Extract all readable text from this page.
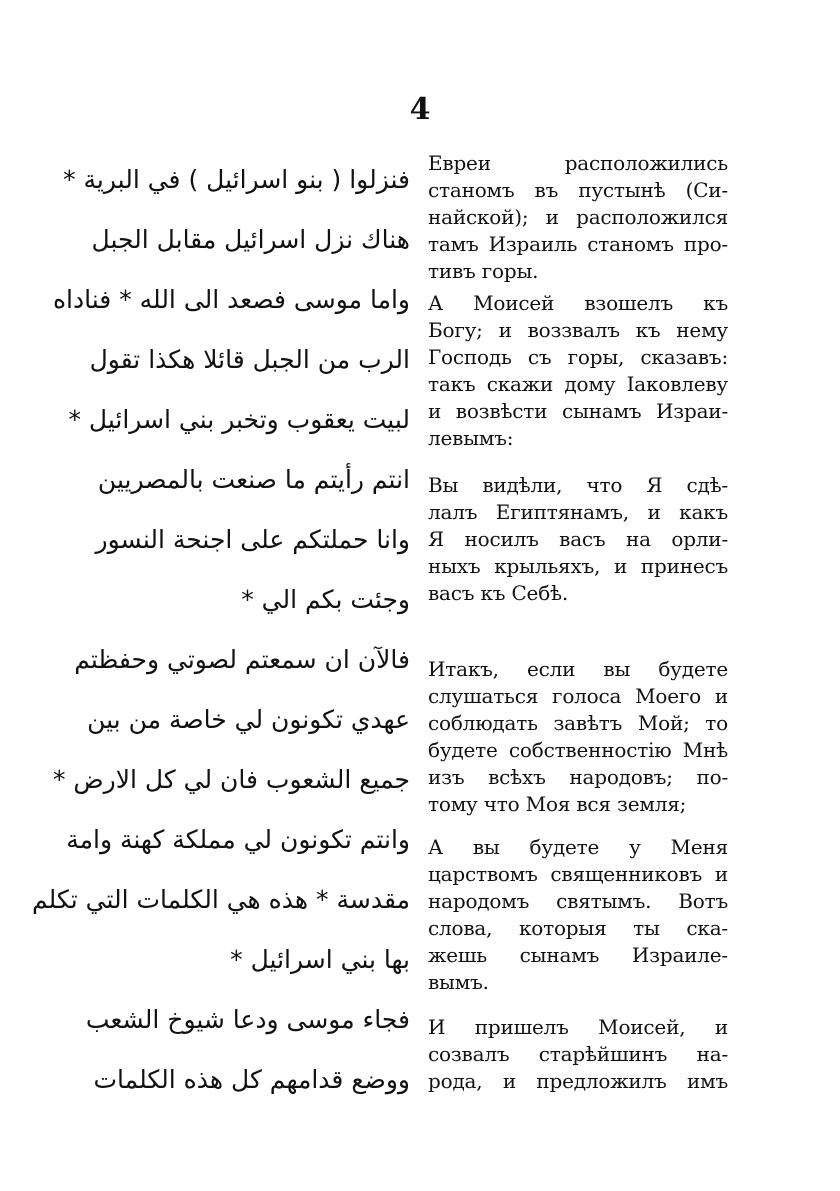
4
فنزلوا ( بنو اسرائيل ) في البرية *
هناك نزل اسرائيل مقابل الجبل
واما موسى فصعد الى الله * فناداه
الرب من الجبل قائلا هكذا تقول
لبيت يعقوب وتخبر بني اسرائيل *
انتم رأيتم ما صنعت بالمصريين
وانا حملتكم على اجنحة النسور
وجئت بكم الي *
فالآن ان سمعتم لصوتي وحفظتم
عهدي تكونون لي خاصة من بين
جميع الشعوب فان لي كل الارض *
وانتم تكونون لي مملكة كهنة وامة
مقدسة * هذه هي الكلمات التي تكلم
بها بني اسرائيل *
فجاء موسى ودعا شيوخ الشعب
ووضع قدامهم كل هذه الكلمات
Евреи расположились
станомъ въ пустынѣ (Си-
найской); и расположился
тамъ Израиль станомъ про-
тивъ горы.
А Моисей взошелъ къ
Богу; и воззвалъ къ нему
Господь съ горы, сказавъ:
такъ скажи дому Іаковлеву
и возвѣсти сынамъ Израи-
левымъ:
Вы видѣли, что Я сдѣ-
лалъ Египтянамъ, и какъ
Я носилъ васъ на орли-
ныхъ крыльяхъ, и принесъ
васъ къ Себѣ.
Итакъ, если вы будете
слушаться голоса Моего и
соблюдать завѣтъ Мой; то
будете собственностію Мнѣ
изъ всѣхъ народовъ; по-
тому что Моя вся земля;
А вы будете у Меня
царствомъ священниковъ и
народомъ святымъ. Вотъ
слова, которыя ты ска-
жешь сынамъ Израиле-
вымъ.
И пришелъ Моисей, и
созвалъ старѣйшинъ на-
рода, и предложилъ имъ
